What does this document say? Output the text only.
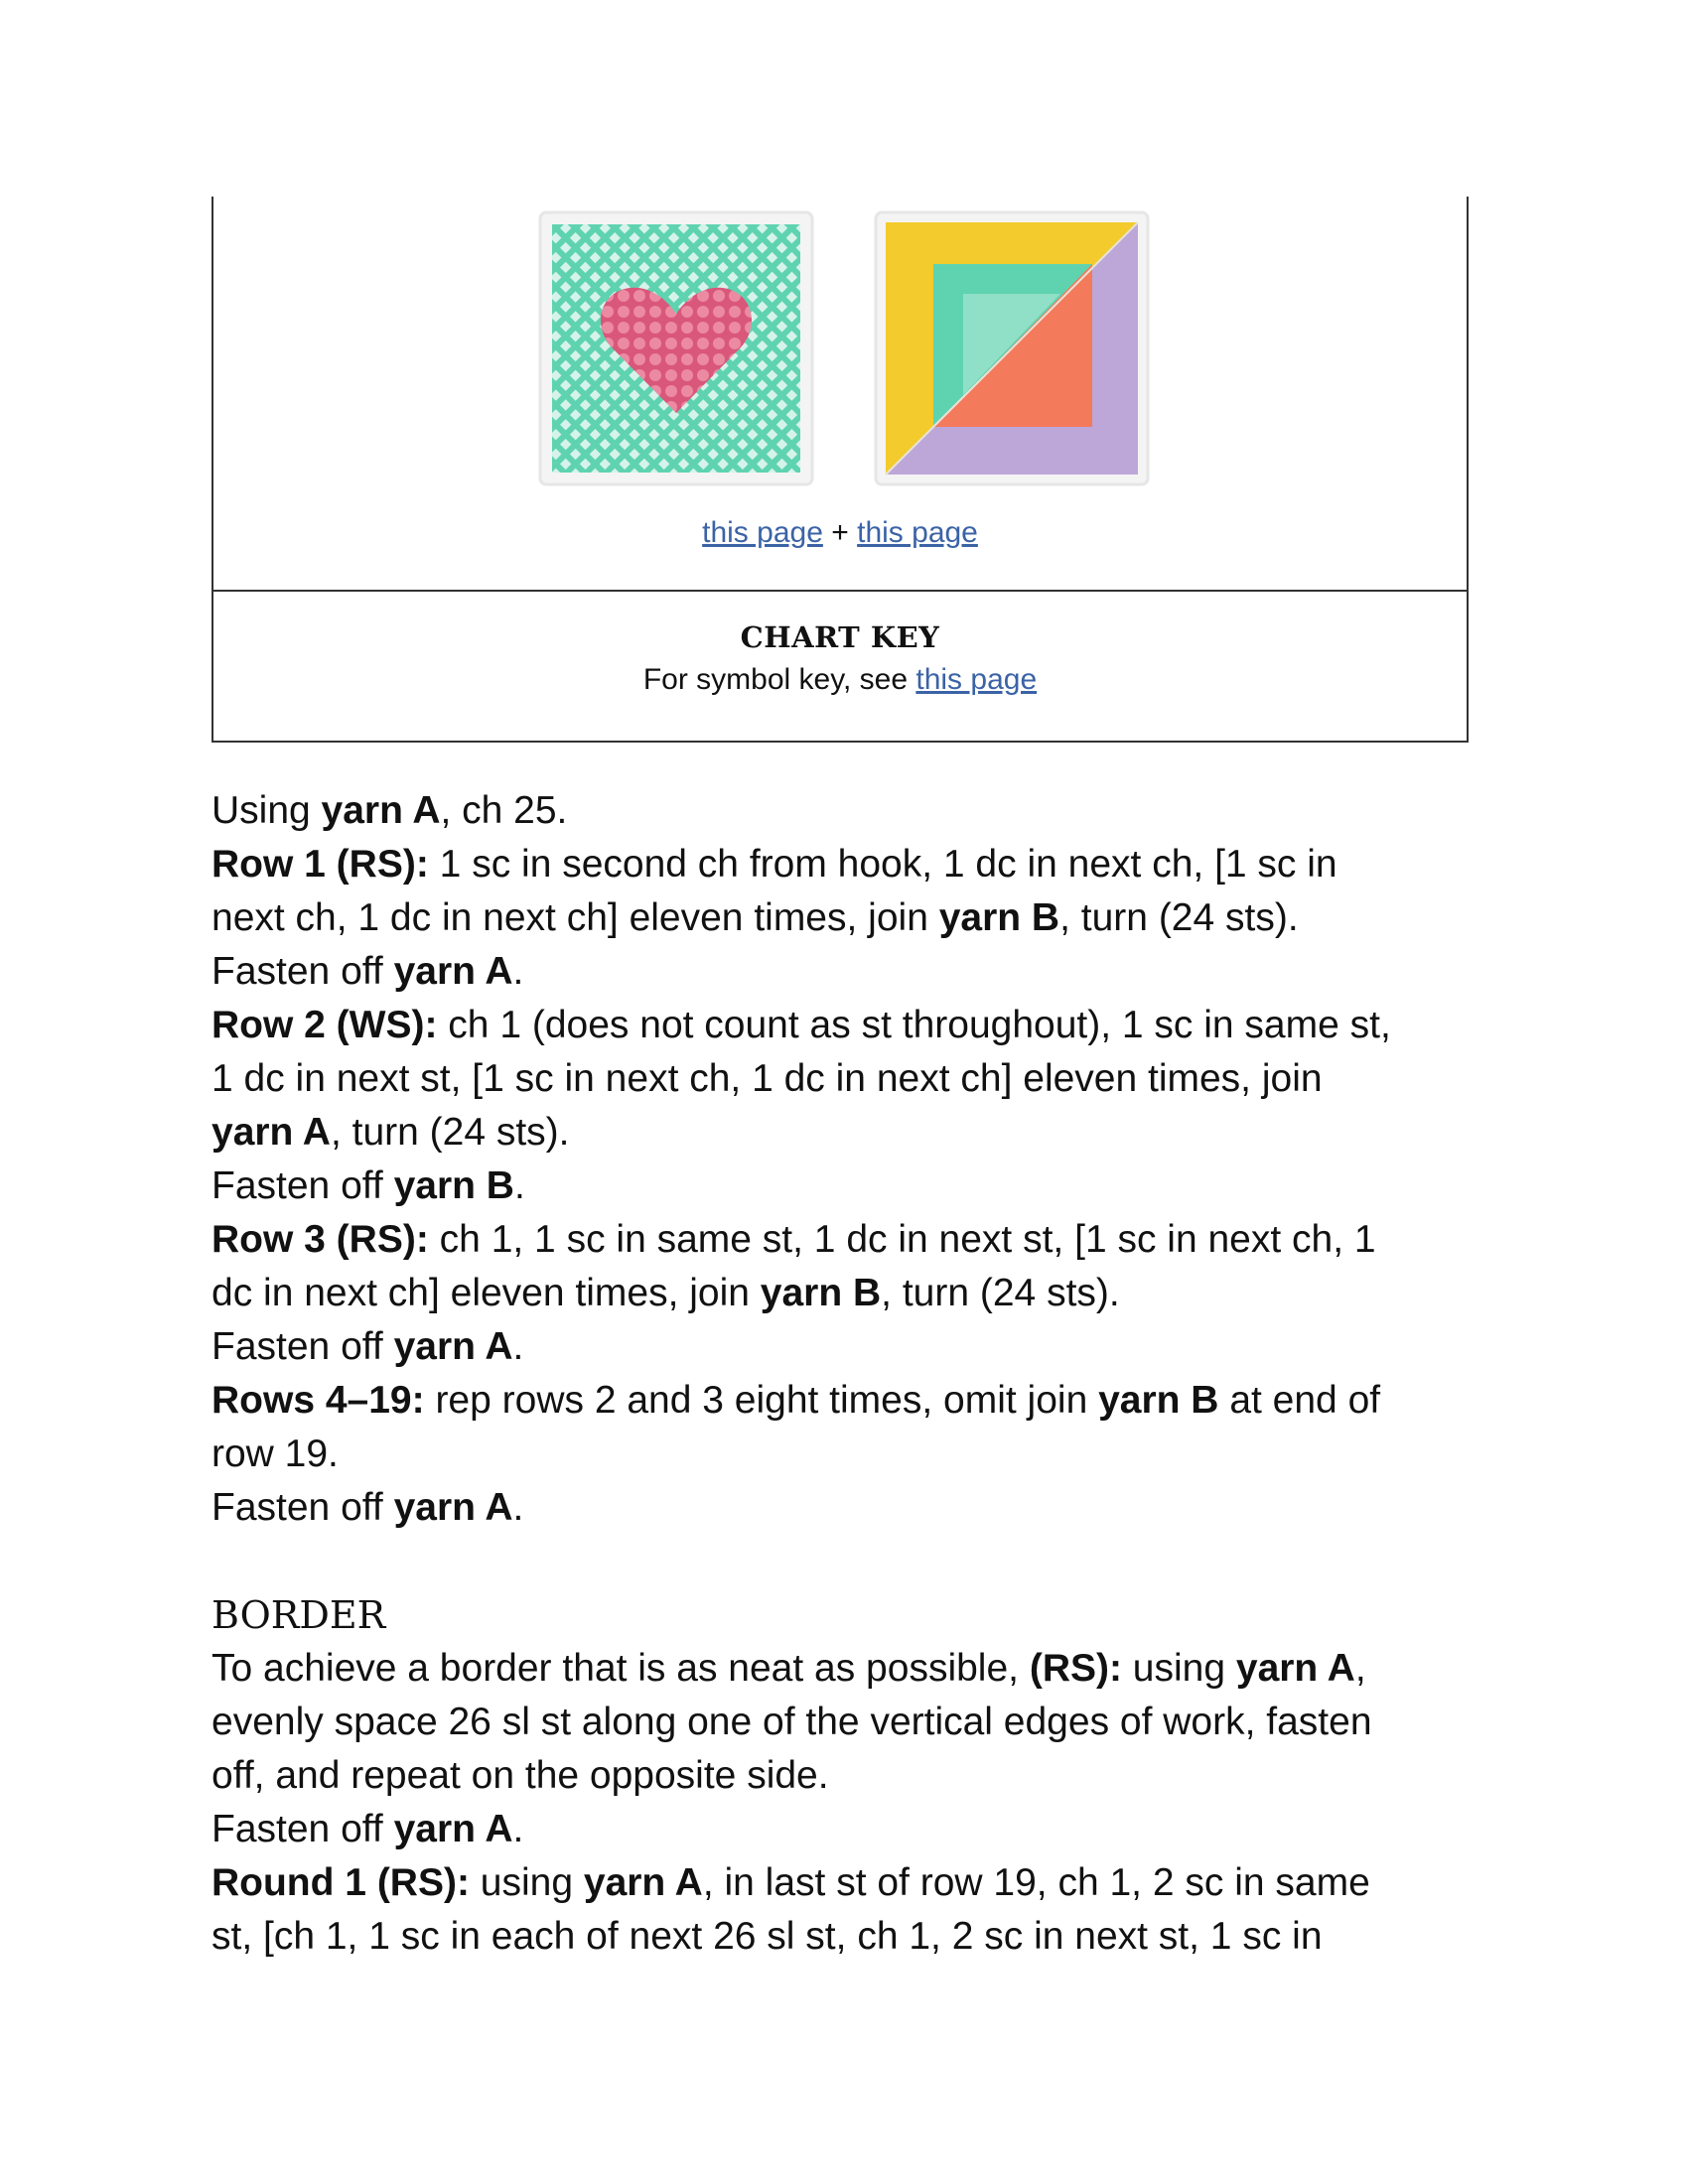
this page + this page
CHART KEY
For symbol key, see this page

Using yarn A, ch 25.

Row 1 (RS): 1 sc in second ch from hook, 1 dc in next ch, [1 sc in

next ch, 1 dc in next ch] eleven times, join yarn B, turn (24 sts).

Fasten off yarn A.

Row 2 (WS): ch 1 (does not count as st throughout), 1 sc in same st,

1 dc in next st, [1 sc in next ch, 1 dc in next ch] eleven times, join

yarn A, turn (24 sts).

Fasten off yarn B.

Row 3 (RS): ch 1, 1 sc in same st, 1 dc in next st, [1 sc in next ch, 1

dc in next ch] eleven times, join yarn B, turn (24 sts).

Fasten off yarn A.

Rows 4–19: rep rows 2 and 3 eight times, omit join yarn B at end of

row 19.

Fasten off yarn A.

BORDER

To achieve a border that is as neat as possible, (RS): using yarn A,

evenly space 26 sl st along one of the vertical edges of work, fasten

off, and repeat on the opposite side.

Fasten off yarn A.

Round 1 (RS): using yarn A, in last st of row 19, ch 1, 2 sc in same

st, [ch 1, 1 sc in each of next 26 sl st, ch 1, 2 sc in next st, 1 sc in
